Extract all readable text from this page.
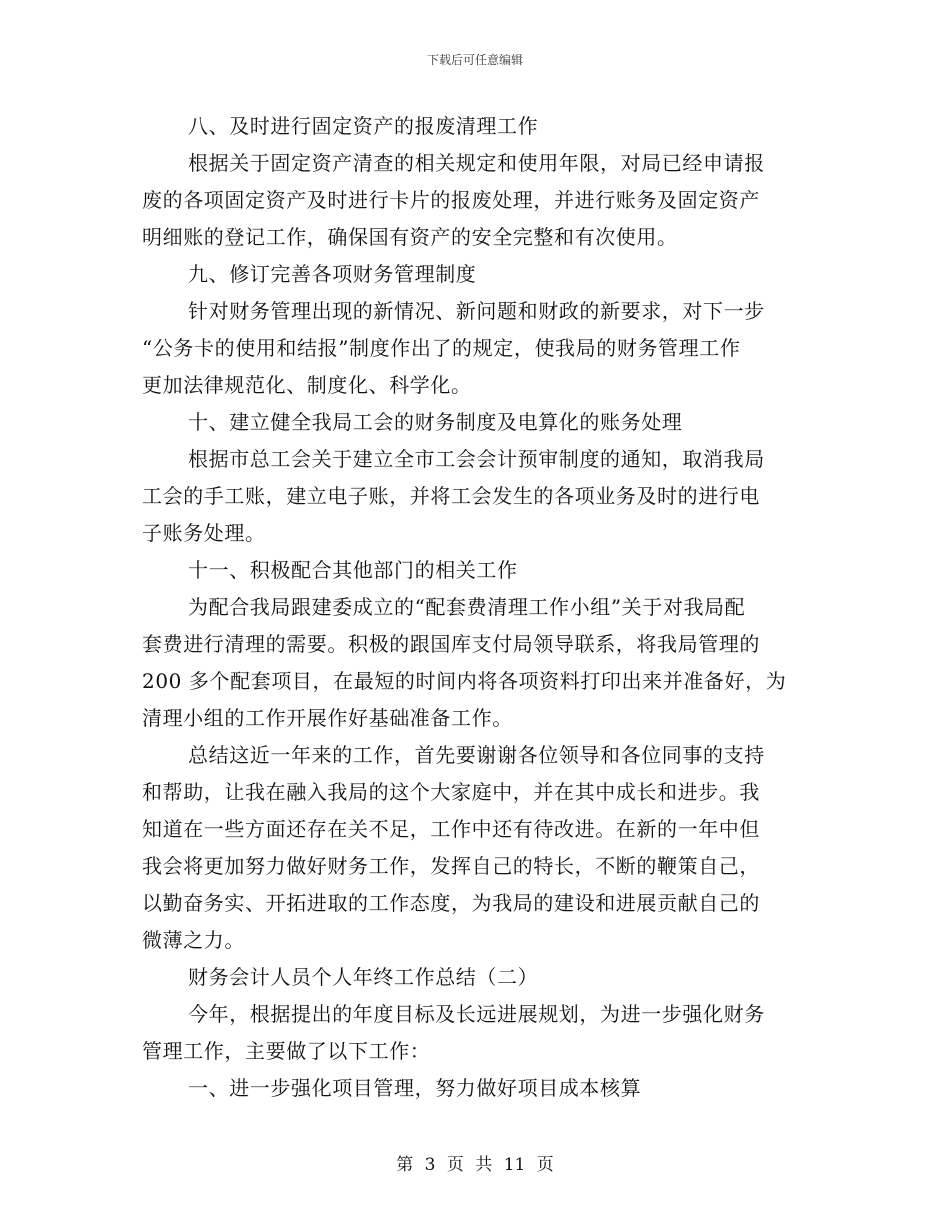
下载后可任意编辑
八、及时进行固定资产的报废清理工作
根据关于固定资产清查的相关规定和使用年限，对局已经申请报
废的各项固定资产及时进行卡片的报废处理，并进行账务及固定资产
明细账的登记工作，确保国有资产的安全完整和有次使用。
九、修订完善各项财务管理制度
针对财务管理出现的新情况、新问题和财政的新要求，对下一步
“公务卡的使用和结报”制度作出了的规定，使我局的财务管理工作
更加法律规范化、制度化、科学化。
十、建立健全我局工会的财务制度及电算化的账务处理
根据市总工会关于建立全市工会会计预审制度的通知，取消我局
工会的手工账，建立电子账，并将工会发生的各项业务及时的进行电
子账务处理。
十一、积极配合其他部门的相关工作
为配合我局跟建委成立的“配套费清理工作小组”关于对我局配
套费进行清理的需要。积极的跟国库支付局领导联系，将我局管理的
200 多个配套项目，在最短的时间内将各项资料打印出来并准备好，为
清理小组的工作开展作好基础准备工作。
总结这近一年来的工作，首先要谢谢各位领导和各位同事的支持
和帮助，让我在融入我局的这个大家庭中，并在其中成长和进步。我
知道在一些方面还存在关不足，工作中还有待改进。在新的一年中但
我会将更加努力做好财务工作，发挥自己的特长，不断的鞭策自己，
以勤奋务实、开拓进取的工作态度，为我局的建设和进展贡献自己的
微薄之力。
财务会计人员个人年终工作总结（二）
今年，根据提出的年度目标及长远进展规划，为进一步强化财务
管理工作，主要做了以下工作：
一、进一步强化项目管理，努力做好项目成本核算
第 3 页 共 11 页
